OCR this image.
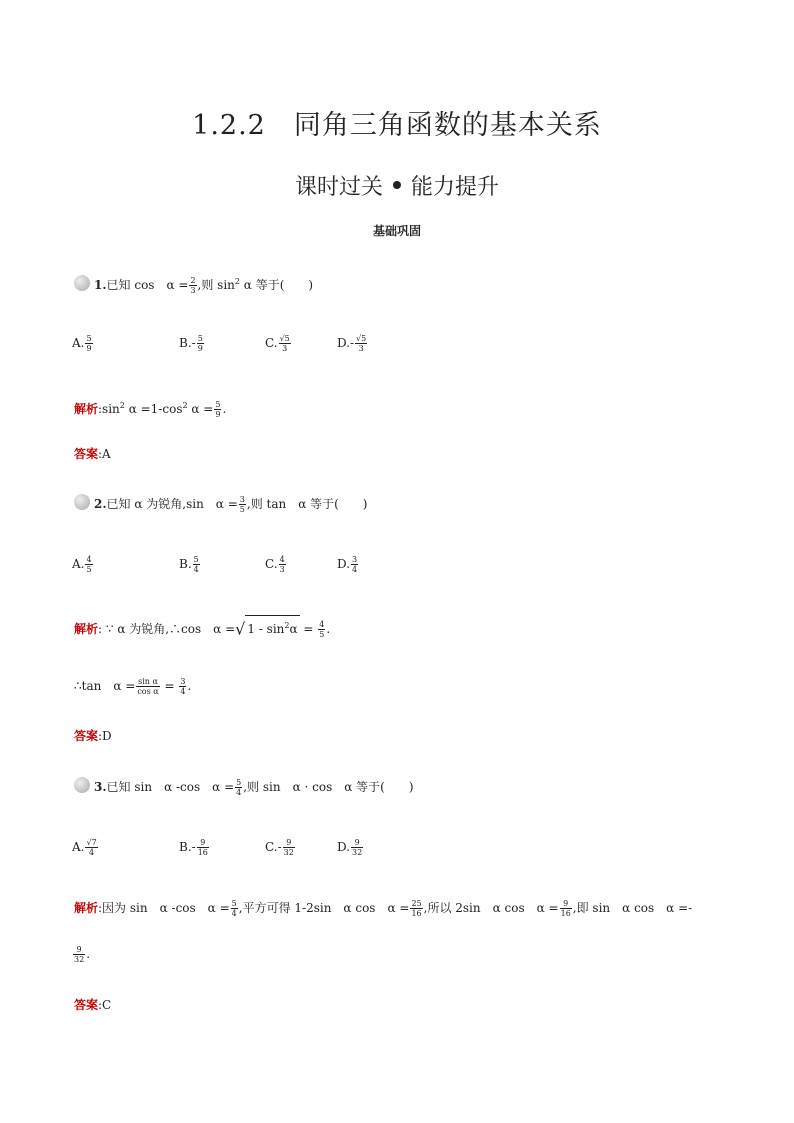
1.2.2　同角三角函数的基本关系
课时过关 能力提升
基础巩固
1.已知 cos　$\alpha = \frac{2}{3}$ ,则 $\sin^2 \alpha$ 等于(　　)
A. $\frac{5}{9}$	$B.- \frac{5}{9}$	C. $\frac{√5}{3}$	$D.- \frac{√5}{3}$
解析$:\sin^2$ $\alpha =1-\cos^2$ $\alpha = \frac{5}{9}$ .
答案:A
2.已知 α 为锐角,sin　$\alpha = \frac{3}{5}$ ,则 tan　α 等于(　　)
A. $\frac{4}{5}$	B. $\frac{5}{4}$	C. $\frac{4}{3}$	D. $\frac{3}{4}$
解析: ∵ α 为锐角,∴cos　α =√ $1 - \sin^2\alpha = \frac{4}{5}$ .
∴tan　$\alpha = \frac{\text{sin α}}{\text{cos α}} = \frac{3}{4}$ .
答案:D
3.已知 sin　α -cos　$\alpha = \frac{5}{4}$ ,则 sin　α · cos　α 等于(　　)
A. $\frac{√7}{4}$	$B.- \frac{9}{16}$	$C.- \frac{9}{32}$	D. $\frac{9}{32}$
解析:因为 sin　α -cos　$\alpha = \frac{5}{4}$ ,平方可得 1-2sin　α cos　$\alpha = \frac{25}{16}$ ,所以 2sin　α cos　$\alpha = \frac{9}{16}$ ,即 sin　α cos　α =-
$\frac{9}{32}$ .
答案:C
